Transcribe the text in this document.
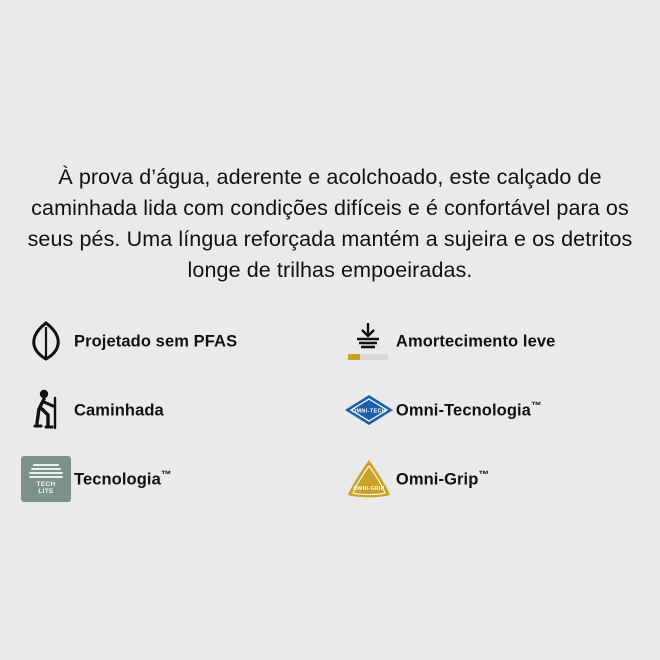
À prova d’água, aderente e acolchoado, este calçado de caminhada lida com condições difíceis e é confortável para os seus pés. Uma língua reforçada mantém a sujeira e os detritos longe de trilhas empoeiradas.

Projetado sem PFAS	Amortecimento leve
Caminhada	OMNI-TECH Omni-Tecnologia™
TECH
LITE
Tecnologia™
OMNI-GRIP
Omni-Grip™
